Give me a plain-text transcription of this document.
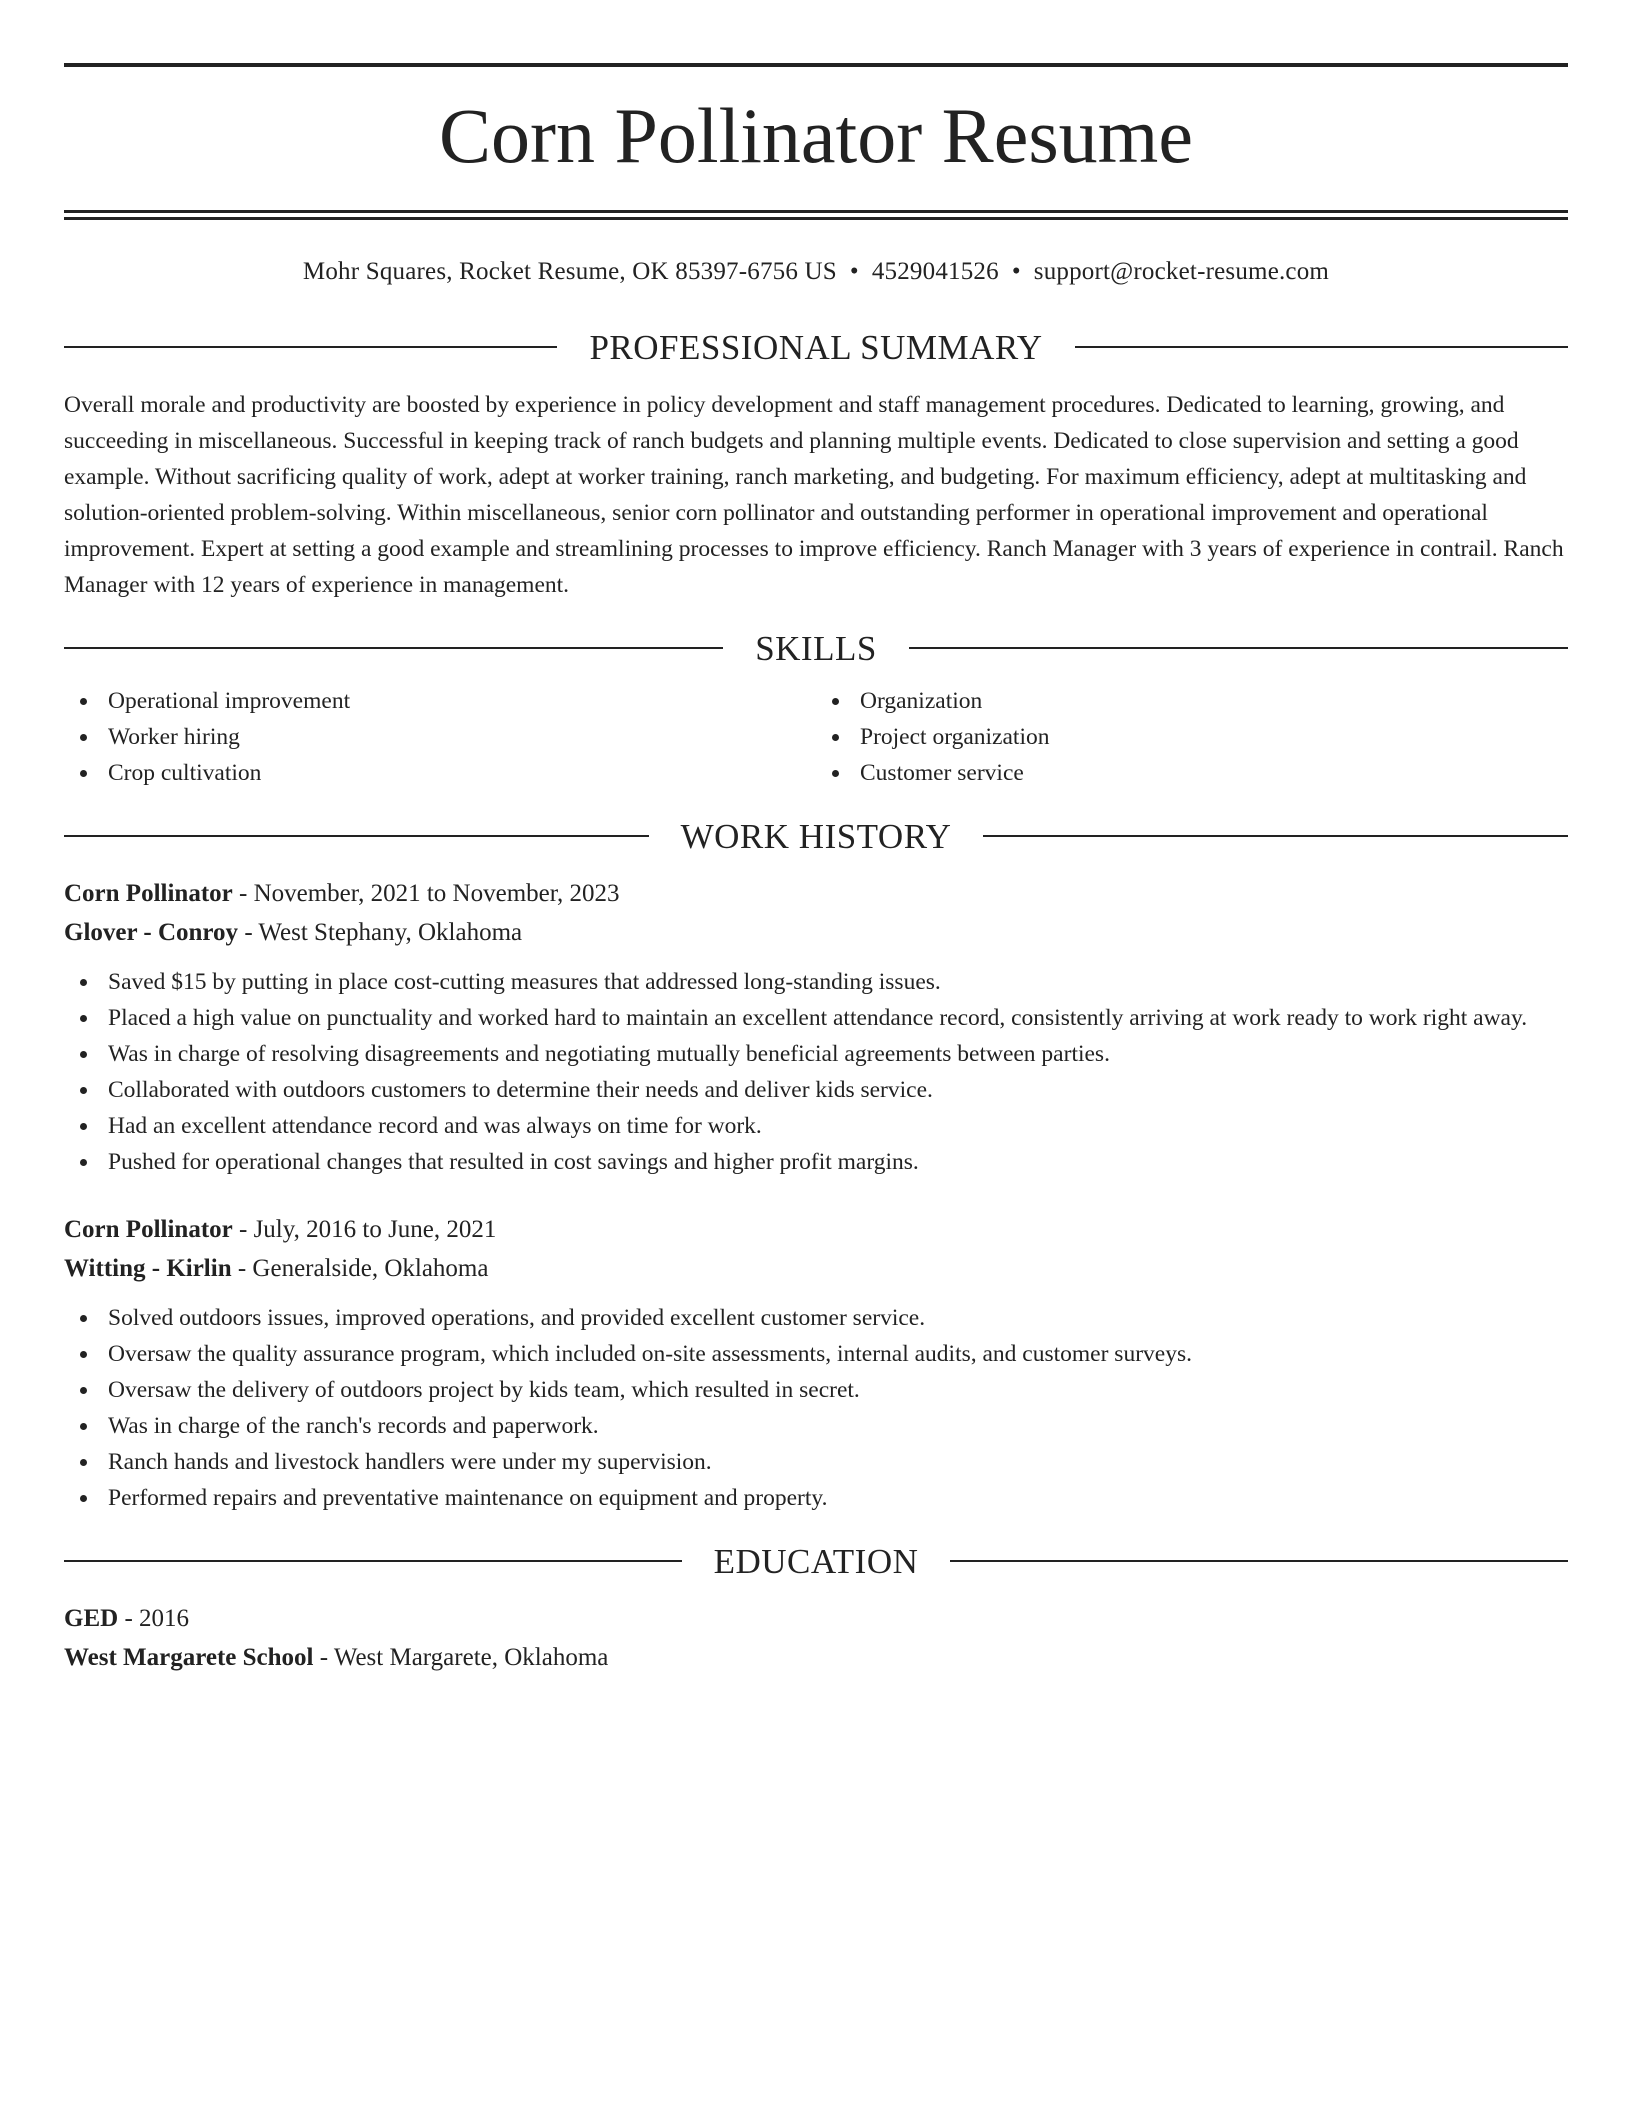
Corn Pollinator Resume
Mohr Squares, Rocket Resume, OK 85397-6756 US • 4529041526 • support@rocket-resume.com
PROFESSIONAL SUMMARY

Overall morale and productivity are boosted by experience in policy development and staff management procedures. Dedicated to learning, growing, and succeeding in miscellaneous. Successful in keeping track of ranch budgets and planning multiple events. Dedicated to close supervision and setting a good example. Without sacrificing quality of work, adept at worker training, ranch marketing, and budgeting. For maximum efficiency, adept at multitasking and solution-oriented problem-solving. Within miscellaneous, senior corn pollinator and outstanding performer in operational improvement and operational improvement. Expert at setting a good example and streamlining processes to improve efficiency. Ranch Manager with 3 years of experience in contrail. Ranch Manager with 12 years of experience in management.

SKILLS
Operational improvement
Worker hiring
Crop cultivation
Organization
Project organization
Customer service
WORK HISTORY
Corn Pollinator - November, 2021 to November, 2023
Glover - Conroy - West Stephany, Oklahoma
Saved $15 by putting in place cost-cutting measures that addressed long-standing issues.
Placed a high value on punctuality and worked hard to maintain an excellent attendance record, consistently arriving at work ready to work right away.
Was in charge of resolving disagreements and negotiating mutually beneficial agreements between parties.
Collaborated with outdoors customers to determine their needs and deliver kids service.
Had an excellent attendance record and was always on time for work.
Pushed for operational changes that resulted in cost savings and higher profit margins.
Corn Pollinator - July, 2016 to June, 2021
Witting - Kirlin - Generalside, Oklahoma
Solved outdoors issues, improved operations, and provided excellent customer service.
Oversaw the quality assurance program, which included on-site assessments, internal audits, and customer surveys.
Oversaw the delivery of outdoors project by kids team, which resulted in secret.
Was in charge of the ranch's records and paperwork.
Ranch hands and livestock handlers were under my supervision.
Performed repairs and preventative maintenance on equipment and property.
EDUCATION
GED - 2016
West Margarete School - West Margarete, Oklahoma
